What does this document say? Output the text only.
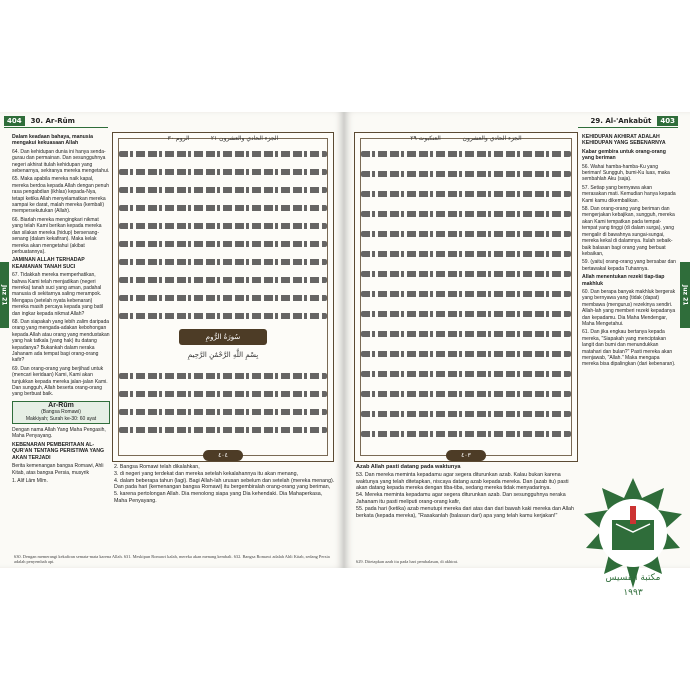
404	30. Ar-Rūm
Juz 21
Dalam keadaan bahaya, manusia mengakui kekuasaan Allah

64. Dan kehidupan dunia ini hanya senda-gurau dan permainan. Dan sesungguhnya negeri akhirat itulah kehidupan yang sebenarnya, sekiranya mereka mengetahui.

65. Maka apabila mereka naik kapal, mereka berdoa kepada Allah dengan penuh rasa pengabdian (ikhlas) kepada-Nya, tetapi ketika Allah menyelamatkan mereka sampai ke darat, malah mereka (kembali) mempersekutukan (Allah).

66. Biarlah mereka mengingkari nikmat yang telah Kami berikan kepada mereka dan silakan mereka (hidup) bersenang-senang (dalam kekafiran). Maka kelak mereka akan mengetahui (akibat perbuatannya).

JAMINAN ALLAH TERHADAP KEAMANAN TANAH SUCI

67. Tidakkah mereka memperhatikan, bahwa Kami telah menjadikan (negeri mereka) tanah suci yang aman, padahal manusia di sekitarnya saling merampok. Mengapa (setelah nyata kebenaran) mereka masih percaya kepada yang batil dan ingkar kepada nikmat Allah?

68. Dan siapakah yang lebih zalim daripada orang yang mengada-adakan kebohongan kepada Allah atau orang yang mendustakan yang hak tatkala (yang hak) itu datang kepadanya? Bukankah dalam neraka Jahanam ada tempat bagi orang-orang kafir?

69. Dan orang-orang yang berjihad untuk (mencari keridaan) Kami, Kami akan tunjukkan kepada mereka jalan-jalan Kami. Dan sungguh, Allah beserta orang-orang yang berbuat baik.

Ar-Rūm
(Bangsa Romawi)
Makkiyah; Surah ke-30: 60 ayat

Dengan nama Allah Yang Maha Pengasih, Maha Penyayang.

KEBENARAN PEMBERITAAN AL-QUR'AN TENTANG PERISTIWA YANG AKAN TERJADI

Berita kemenangan bangsa Romawi, Ahli Kitab, atas bangsa Persia, musyrik

1. Alif Lām Mīm.

الروم ٣٠	الجزء الحادي والعشرون ٢١
سُورَةُ الرُّومِ
بِسْمِ اللَّهِ الرَّحْمَٰنِ الرَّحِيمِ
٤٠٤

2. Bangsa Romawi telah dikalahkan,

3. di negeri yang terdekat dan mereka setelah kekalahannya itu akan menang,

4. dalam beberapa tahun (lagi). Bagi Allah-lah urusan sebelum dan setelah (mereka menang). Dan pada hari (kemenangan bangsa Romawi) itu bergembiralah orang-orang yang beriman,

5. karena pertolongan Allah. Dia menolong siapa yang Dia kehendaki. Dia Mahaperkasa, Maha Penyayang.

630. Dengan memerangi kekafiran semata-mata karena Allah. 631. Meskipun Romawi kalah, mereka akan menang kembali. 632. Bangsa Romawi adalah Ahli Kitab, sedang Persia adalah penyembah api.
29. Al-'Ankabūt	403
Juz 21
العنكبوت ٢٩	الجزء الحادي والعشرون
٤٠٣
KEHIDUPAN AKHIRAT ADALAH KEHIDUPAN YANG SEBENARNYA
Kabar gembira untuk orang-orang yang beriman

56. Wahai hamba-hamba-Ku yang beriman! Sungguh, bumi-Ku luas, maka sembahlah Aku (saja).

57. Setiap yang bernyawa akan merasakan mati. Kemudian hanya kepada Kami kamu dikembalikan.

58. Dan orang-orang yang beriman dan mengerjakan kebajikan, sungguh, mereka akan Kami tempatkan pada tempat-tempat yang tinggi (di dalam surga), yang mengalir di bawahnya sungai-sungai, mereka kekal di dalamnya. Itulah sebaik-baik balasan bagi orang yang berbuat kebaikan,

59. (yaitu) orang-orang yang bersabar dan bertawakal kepada Tuhannya.

Allah menentukan rezeki tiap-tiap makhluk

60. Dan berapa banyak makhluk bergerak yang bernyawa yang (tidak (dapat) membawa (mengurus) rezekinya sendiri. Allah-lah yang memberi rezeki kepadanya dan kepadamu. Dia Maha Mendengar, Maha Mengetahui.

61. Dan jika engkau bertanya kepada mereka, "Siapakah yang menciptakan langit dan bumi dan menundukkan matahari dan bulan?" Pasti mereka akan menjawab, "Allah." Maka mengapa mereka bisa dipalingkan (dari kebenaran).

Azab Allah pasti datang pada waktunya

53. Dan mereka meminta kepadamu agar segera diturunkan azab. Kalau bukan karena waktunya yang telah ditetapkan, niscaya datang azab kepada mereka. Dan (azab itu) pasti akan datang kepada mereka dengan tiba-tiba, sedang mereka tidak menyadarinya.

54. Mereka meminta kepadamu agar segera diturunkan azab. Dan sesungguhnya neraka Jahanam itu pasti meliputi orang-orang kafir,

55. pada hari (ketika) azab menutupi mereka dari atas dan dari bawah kaki mereka dan Allah berkata (kepada mereka), "Rasakanlah (balasan dari) apa yang telah kamu kerjakan!"

629. Ditetapkan azab itu pada hari pembalasan, di akhirat.
مكتبة القسيس
١٩٩٣
